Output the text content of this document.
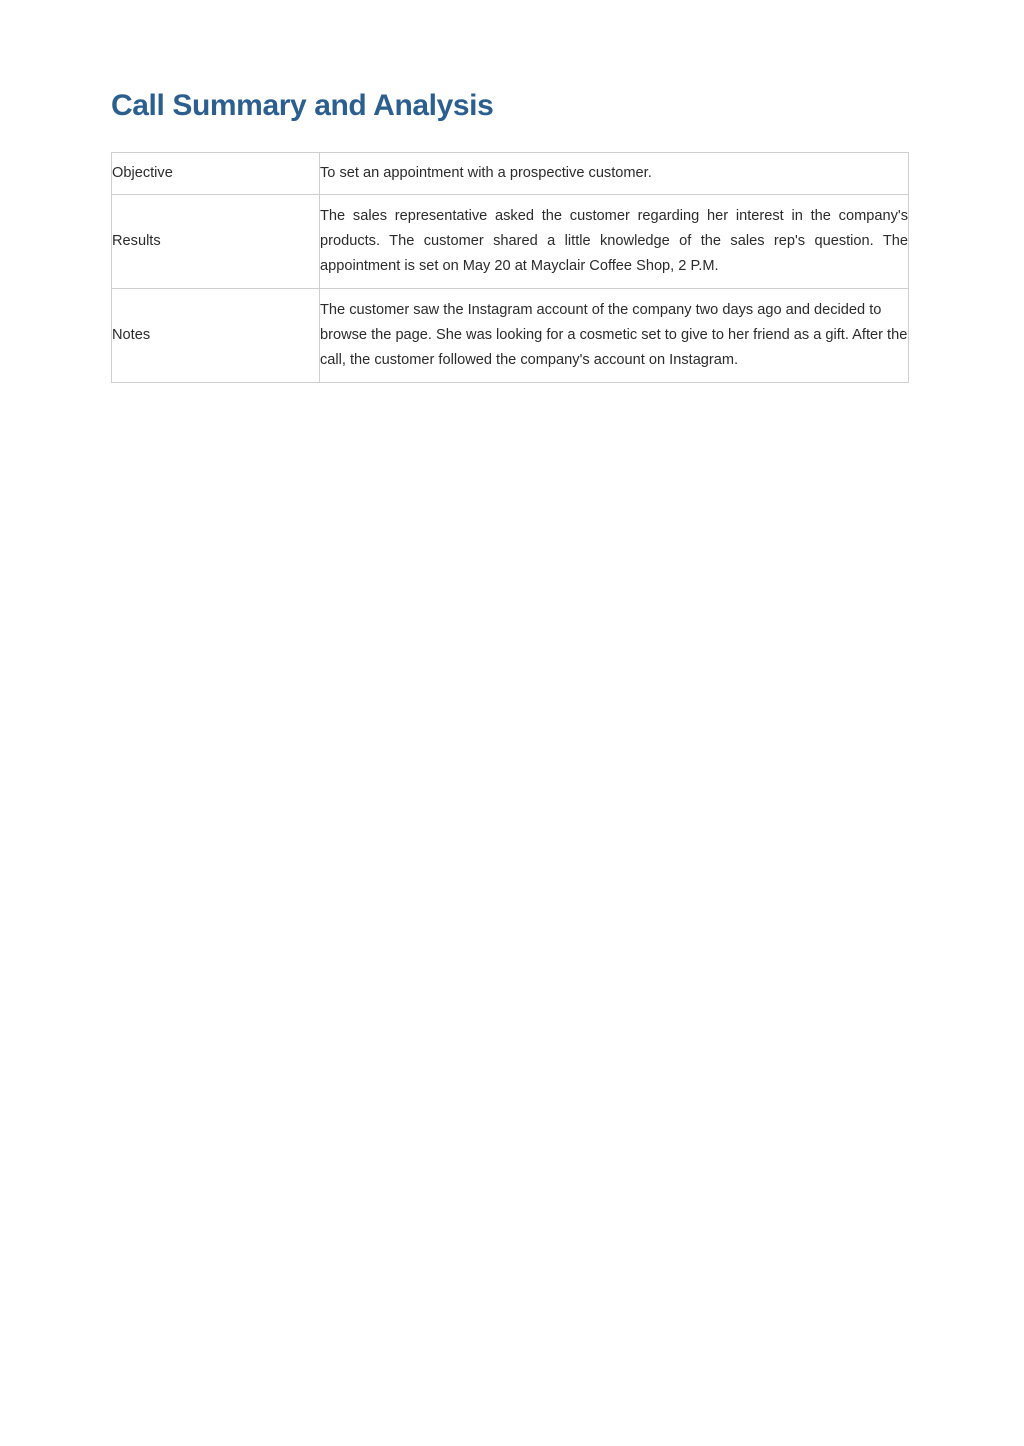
Call Summary and Analysis
Objective	To set an appointment with a prospective customer.
Results	The sales representative asked the customer regarding her interest in the company's products. The customer shared a little knowledge of the sales rep's question. The appointment is set on May 20 at Mayclair Coffee Shop, 2 P.M.
Notes	The customer saw the Instagram account of the company two days ago and decided to browse the page. She was looking for a cosmetic set to give to her friend as a gift. After the call, the customer followed the company's account on Instagram.
